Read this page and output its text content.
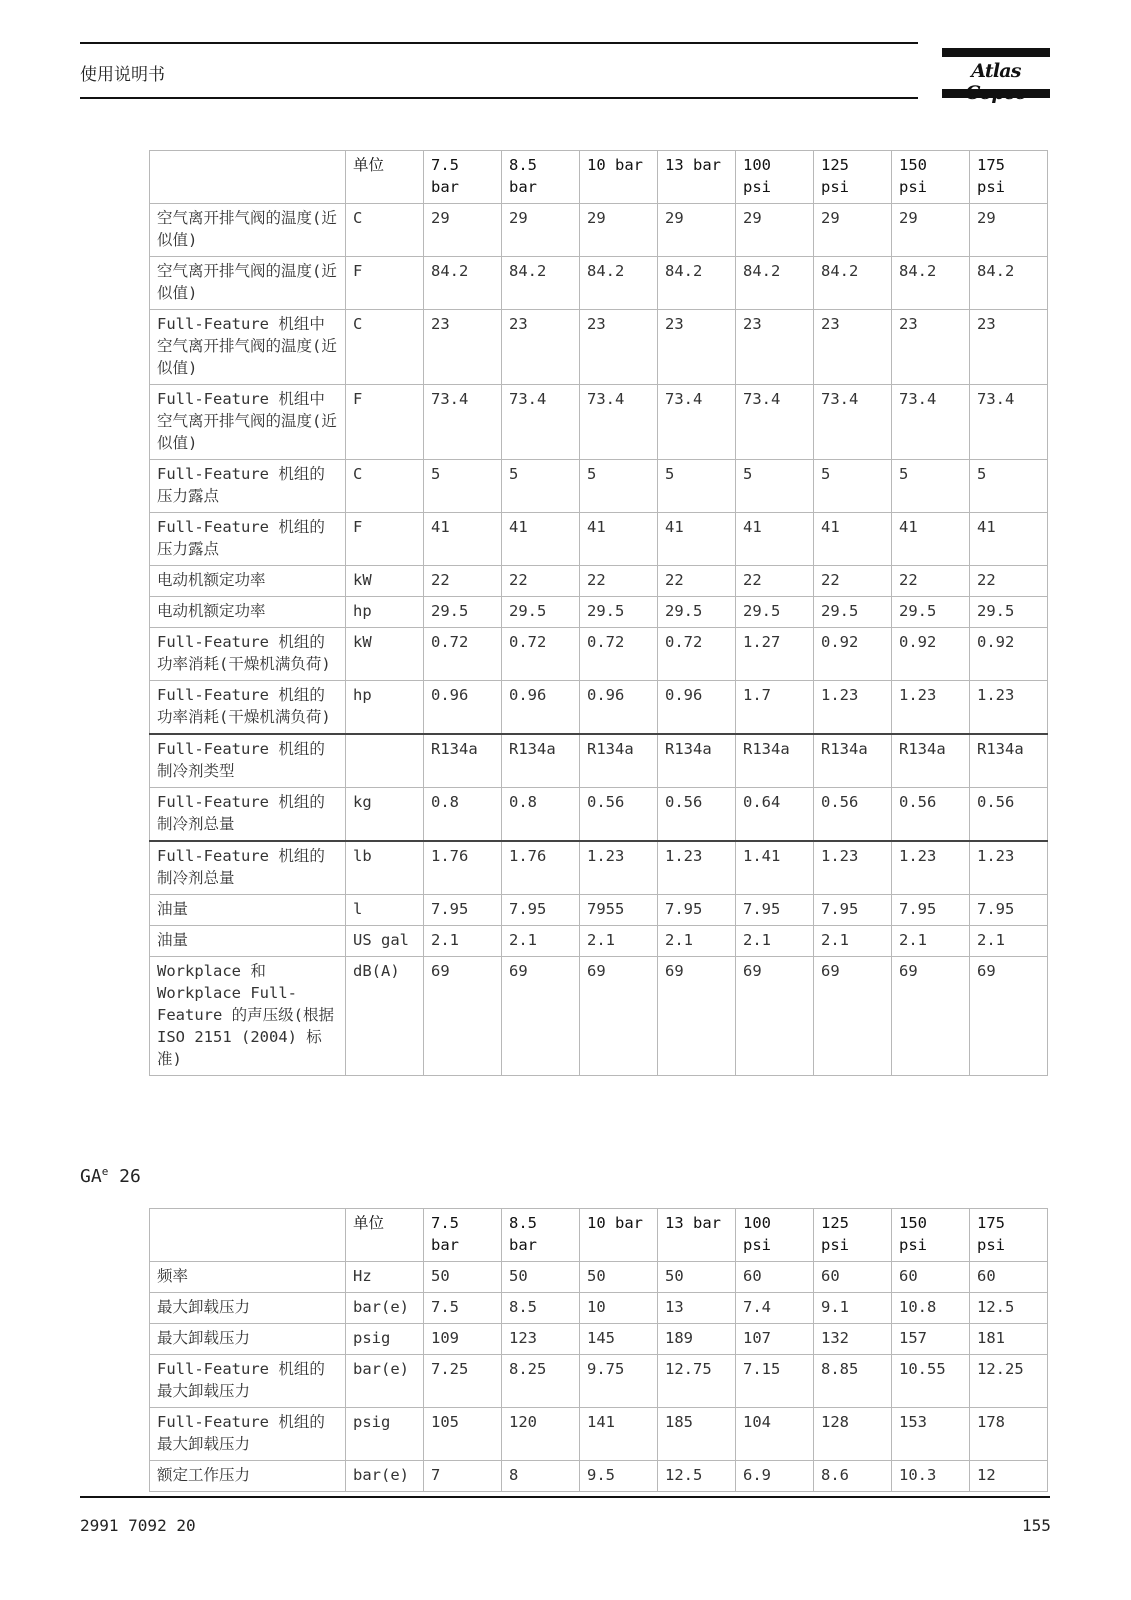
使用说明书	Atlas
	单位	7.5 bar	8.5 bar	10 bar	13 bar	100 psi	125 psi	150 psi	175 psi
空气离开排气阀的温度(近似值)	C	29	29	29	29	29	29	29	29
空气离开排气阀的温度(近似值)	F	84.2	84.2	84.2	84.2	84.2	84.2	84.2	84.2
Full-Feature 机组中空气离开排气阀的温度(近似值)	C	23	23	23	23	23	23	23	23
Full-Feature 机组中空气离开排气阀的温度(近似值)	F	73.4	73.4	73.4	73.4	73.4	73.4	73.4	73.4
Full-Feature 机组的压力露点	C	5	5	5	5	5	5	5	5
Full-Feature 机组的压力露点	F	41	41	41	41	41	41	41	41
电动机额定功率	kW	22	22	22	22	22	22	22	22
电动机额定功率	hp	29.5	29.5	29.5	29.5	29.5	29.5	29.5	29.5
Full-Feature 机组的功率消耗(干燥机满负荷)	kW	0.72	0.72	0.72	0.72	1.27	0.92	0.92	0.92
Full-Feature 机组的功率消耗(干燥机满负荷)	hp	0.96	0.96	0.96	0.96	1.7	1.23	1.23	1.23
Full-Feature 机组的制冷剂类型		R134a	R134a	R134a	R134a	R134a	R134a	R134a	R134a
Full-Feature 机组的制冷剂总量	kg	0.8	0.8	0.56	0.56	0.64	0.56	0.56	0.56
Full-Feature 机组的制冷剂总量	lb	1.76	1.76	1.23	1.23	1.41	1.23	1.23	1.23
油量	l	7.95	7.95	7955	7.95	7.95	7.95	7.95	7.95
油量	US gal	2.1	2.1	2.1	2.1	2.1	2.1	2.1	2.1
Workplace 和 Workplace Full-Feature 的声压级(根据 ISO 2151 (2004) 标准)	dB(A)	69	69	69	69	69	69	69	69
$GA^e$ 26
	单位	7.5 bar	8.5 bar	10 bar	13 bar	100 psi	125 psi	150 psi	175 psi
频率	Hz	50	50	50	50	60	60	60	60
最大卸载压力	bar(e)	7.5	8.5	10	13	7.4	9.1	10.8	12.5
最大卸载压力	psig	109	123	145	189	107	132	157	181
Full-Feature 机组的最大卸载压力	bar(e)	7.25	8.25	9.75	12.75	7.15	8.85	10.55	12.25
Full-Feature 机组的最大卸载压力	psig	105	120	141	185	104	128	153	178
额定工作压力	bar(e)	7	8	9.5	12.5	6.9	8.6	10.3	12
2991 7092 20	155
